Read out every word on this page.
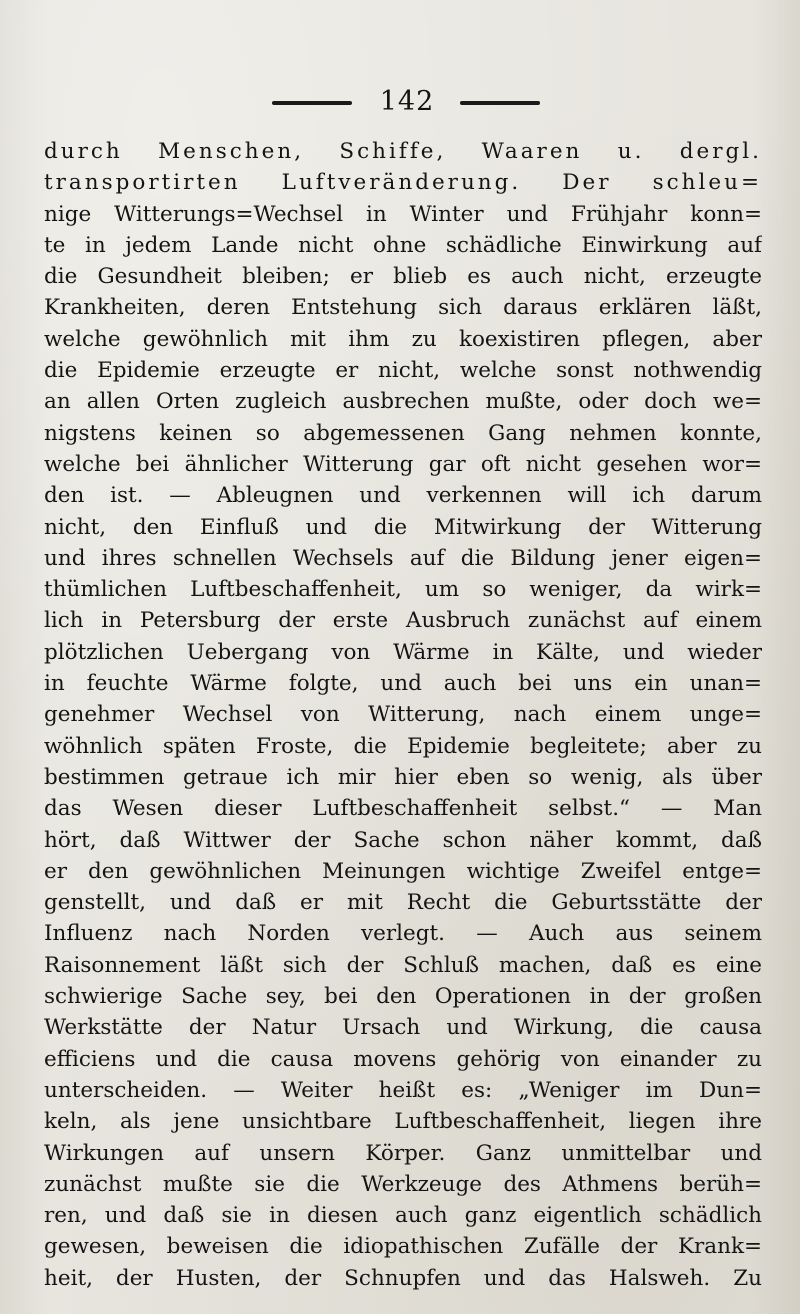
142
durch Menschen, Schiffe, Waaren u. dergl.
transportirten Luftveränderung. Der schleu=
nige Witterungs=Wechsel in Winter und Frühjahr konn=
te in jedem Lande nicht ohne schädliche Einwirkung auf
die Gesundheit bleiben; er blieb es auch nicht, erzeugte
Krankheiten, deren Entstehung sich daraus erklären läßt,
welche gewöhnlich mit ihm zu koexistiren pflegen, aber
die Epidemie erzeugte er nicht, welche sonst nothwendig
an allen Orten zugleich ausbrechen mußte, oder doch we=
nigstens keinen so abgemessenen Gang nehmen konnte,
welche bei ähnlicher Witterung gar oft nicht gesehen wor=
den ist. — Ableugnen und verkennen will ich darum
nicht, den Einfluß und die Mitwirkung der Witterung
und ihres schnellen Wechsels auf die Bildung jener eigen=
thümlichen Luftbeschaffenheit, um so weniger, da wirk=
lich in Petersburg der erste Ausbruch zunächst auf einem
plötzlichen Uebergang von Wärme in Kälte, und wieder
in feuchte Wärme folgte, und auch bei uns ein unan=
genehmer Wechsel von Witterung, nach einem unge=
wöhnlich späten Froste, die Epidemie begleitete; aber zu
bestimmen getraue ich mir hier eben so wenig, als über
das Wesen dieser Luftbeschaffenheit selbst.“ — Man
hört, daß Wittwer der Sache schon näher kommt, daß
er den gewöhnlichen Meinungen wichtige Zweifel entge=
genstellt, und daß er mit Recht die Geburtsstätte der
Influenz nach Norden verlegt. — Auch aus seinem
Raisonnement läßt sich der Schluß machen, daß es eine
schwierige Sache sey, bei den Operationen in der großen
Werkstätte der Natur Ursach und Wirkung, die causa
efficiens und die causa movens gehörig von einander zu
unterscheiden. — Weiter heißt es: „Weniger im Dun=
keln, als jene unsichtbare Luftbeschaffenheit, liegen ihre
Wirkungen auf unsern Körper. Ganz unmittelbar und
zunächst mußte sie die Werkzeuge des Athmens berüh=
ren, und daß sie in diesen auch ganz eigentlich schädlich
gewesen, beweisen die idiopathischen Zufälle der Krank=
heit, der Husten, der Schnupfen und das Halsweh. Zu
